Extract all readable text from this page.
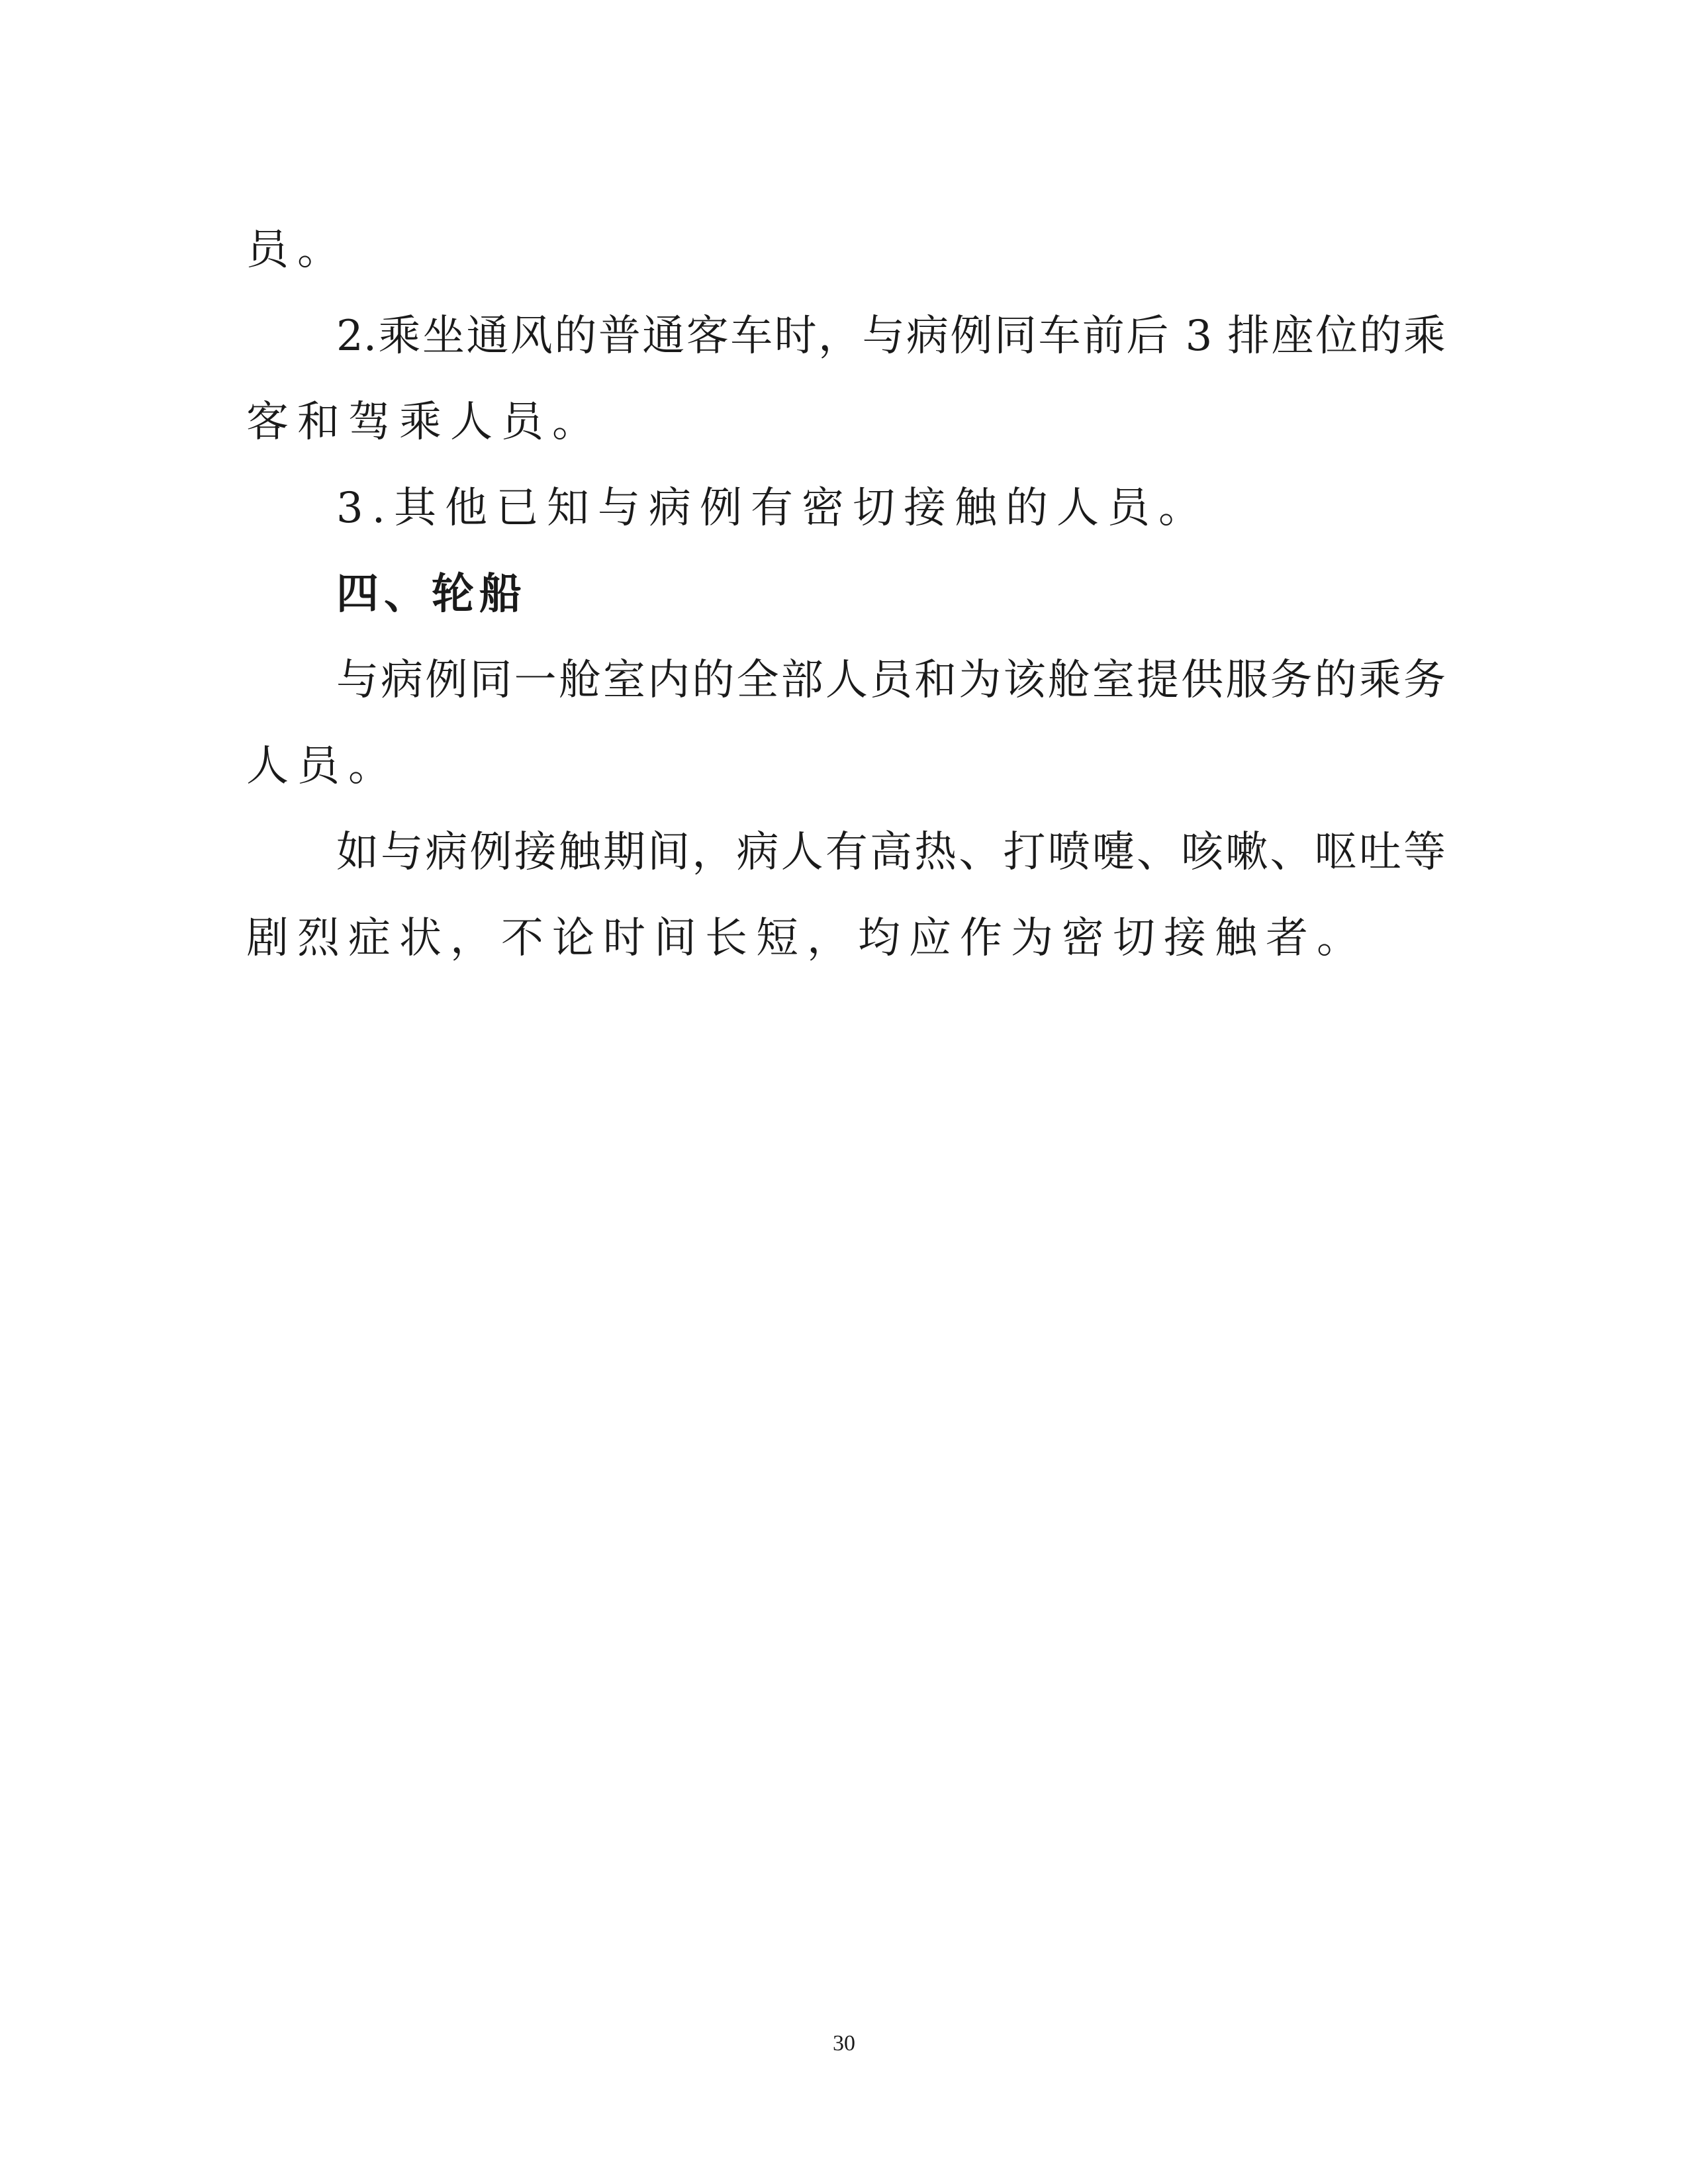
员。

2.乘坐通风的普通客车时，与病例同车前后 3 排座位的乘

客和驾乘人员。

3.其他已知与病例有密切接触的人员。

四、轮船

与病例同一舱室内的全部人员和为该舱室提供服务的乘务

人员。

如与病例接触期间，病人有高热、打喷嚏、咳嗽、呕吐等

剧烈症状，不论时间长短，均应作为密切接触者。

30
